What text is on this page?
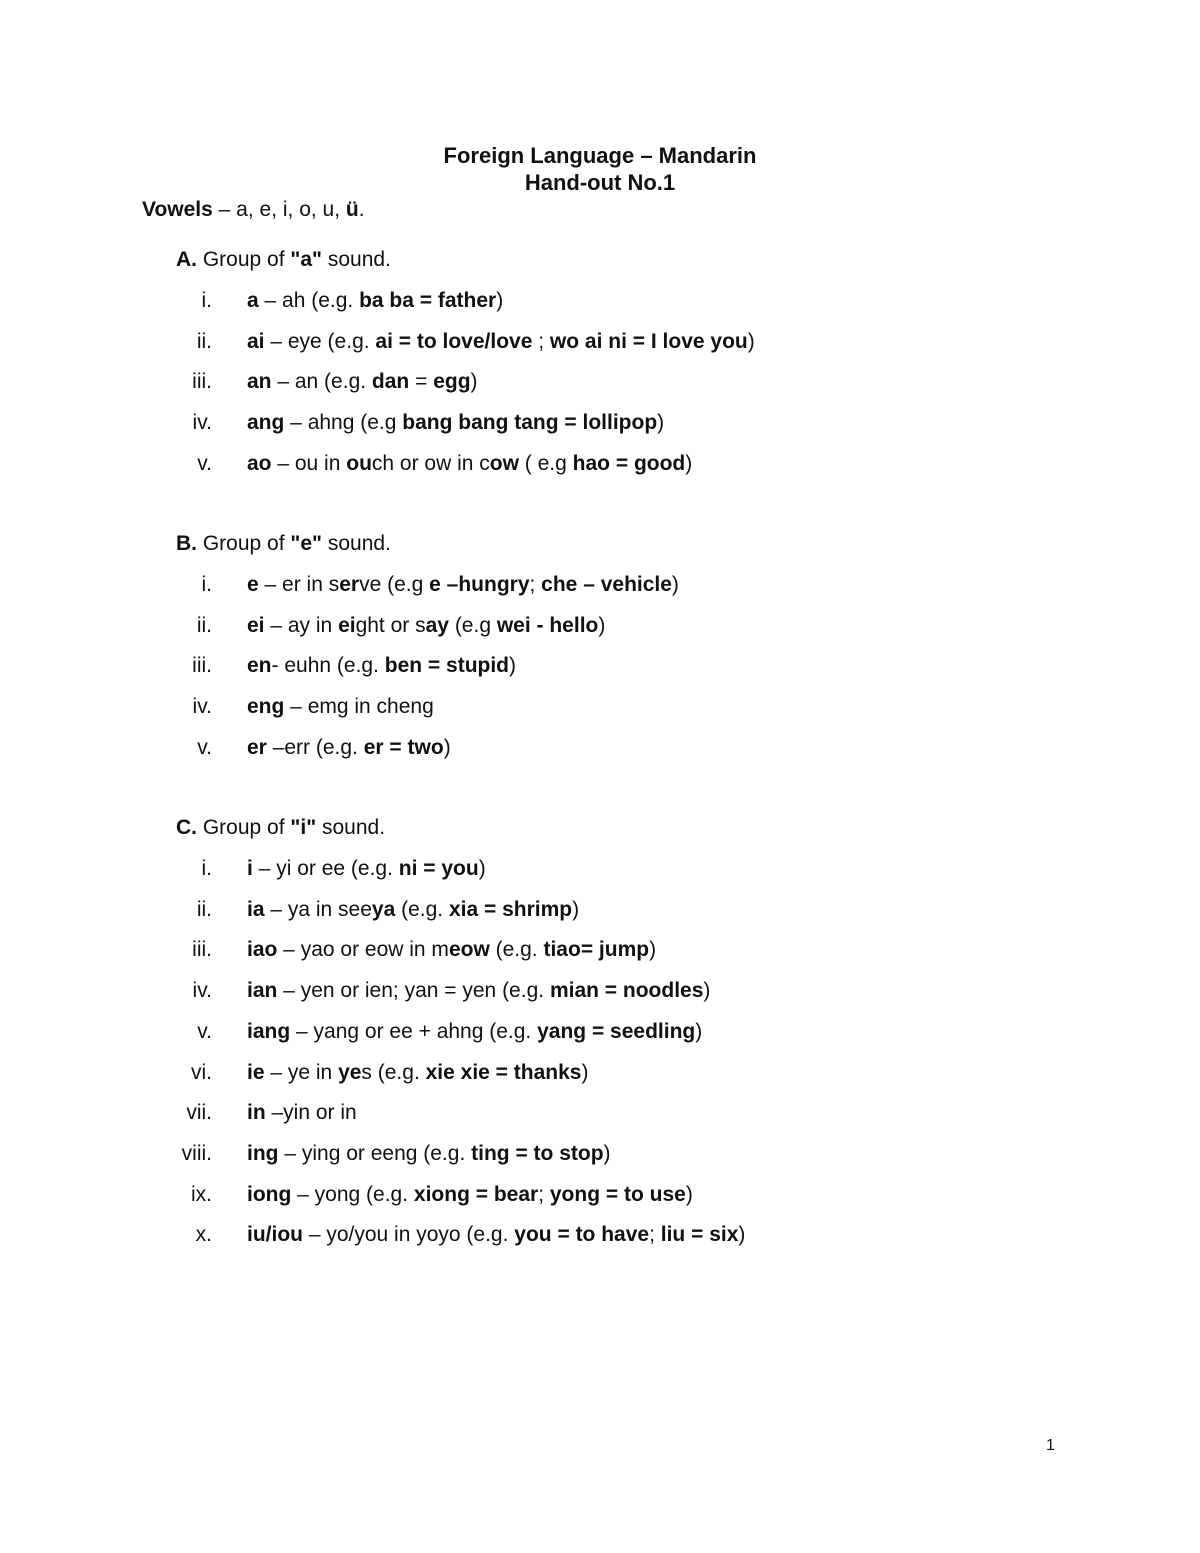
Foreign Language – Mandarin
Hand-out No.1
Vowels – a, e, i, o, u, ü.
A. Group of "a" sound.
i. a – ah (e.g. ba ba = father)
ii. ai – eye (e.g. ai = to love/love ; wo ai ni = I love you)
iii. an – an (e.g. dan = egg)
iv. ang – ahng (e.g bang bang tang = lollipop)
v. ao – ou in ouch or ow in cow ( e.g hao = good)
B. Group of "e" sound.
i. e – er in serve (e.g e –hungry; che – vehicle)
ii. ei – ay in eight or say (e.g wei - hello)
iii. en- euhn (e.g. ben = stupid)
iv. eng – emg in cheng
v. er –err (e.g. er = two)
C. Group of "i" sound.
i. i – yi or ee (e.g. ni = you)
ii. ia – ya in seeya (e.g. xia = shrimp)
iii. iao – yao or eow in meow (e.g. tiao= jump)
iv. ian – yen or ien; yan = yen (e.g. mian = noodles)
v. iang – yang or ee + ahng (e.g. yang = seedling)
vi. ie – ye in yes (e.g. xie xie = thanks)
vii. in –yin or in
viii. ing – ying or eeng (e.g. ting = to stop)
ix. iong – yong (e.g. xiong = bear; yong = to use)
x. iu/iou – yo/you in yoyo (e.g. you = to have; liu = six)
1
